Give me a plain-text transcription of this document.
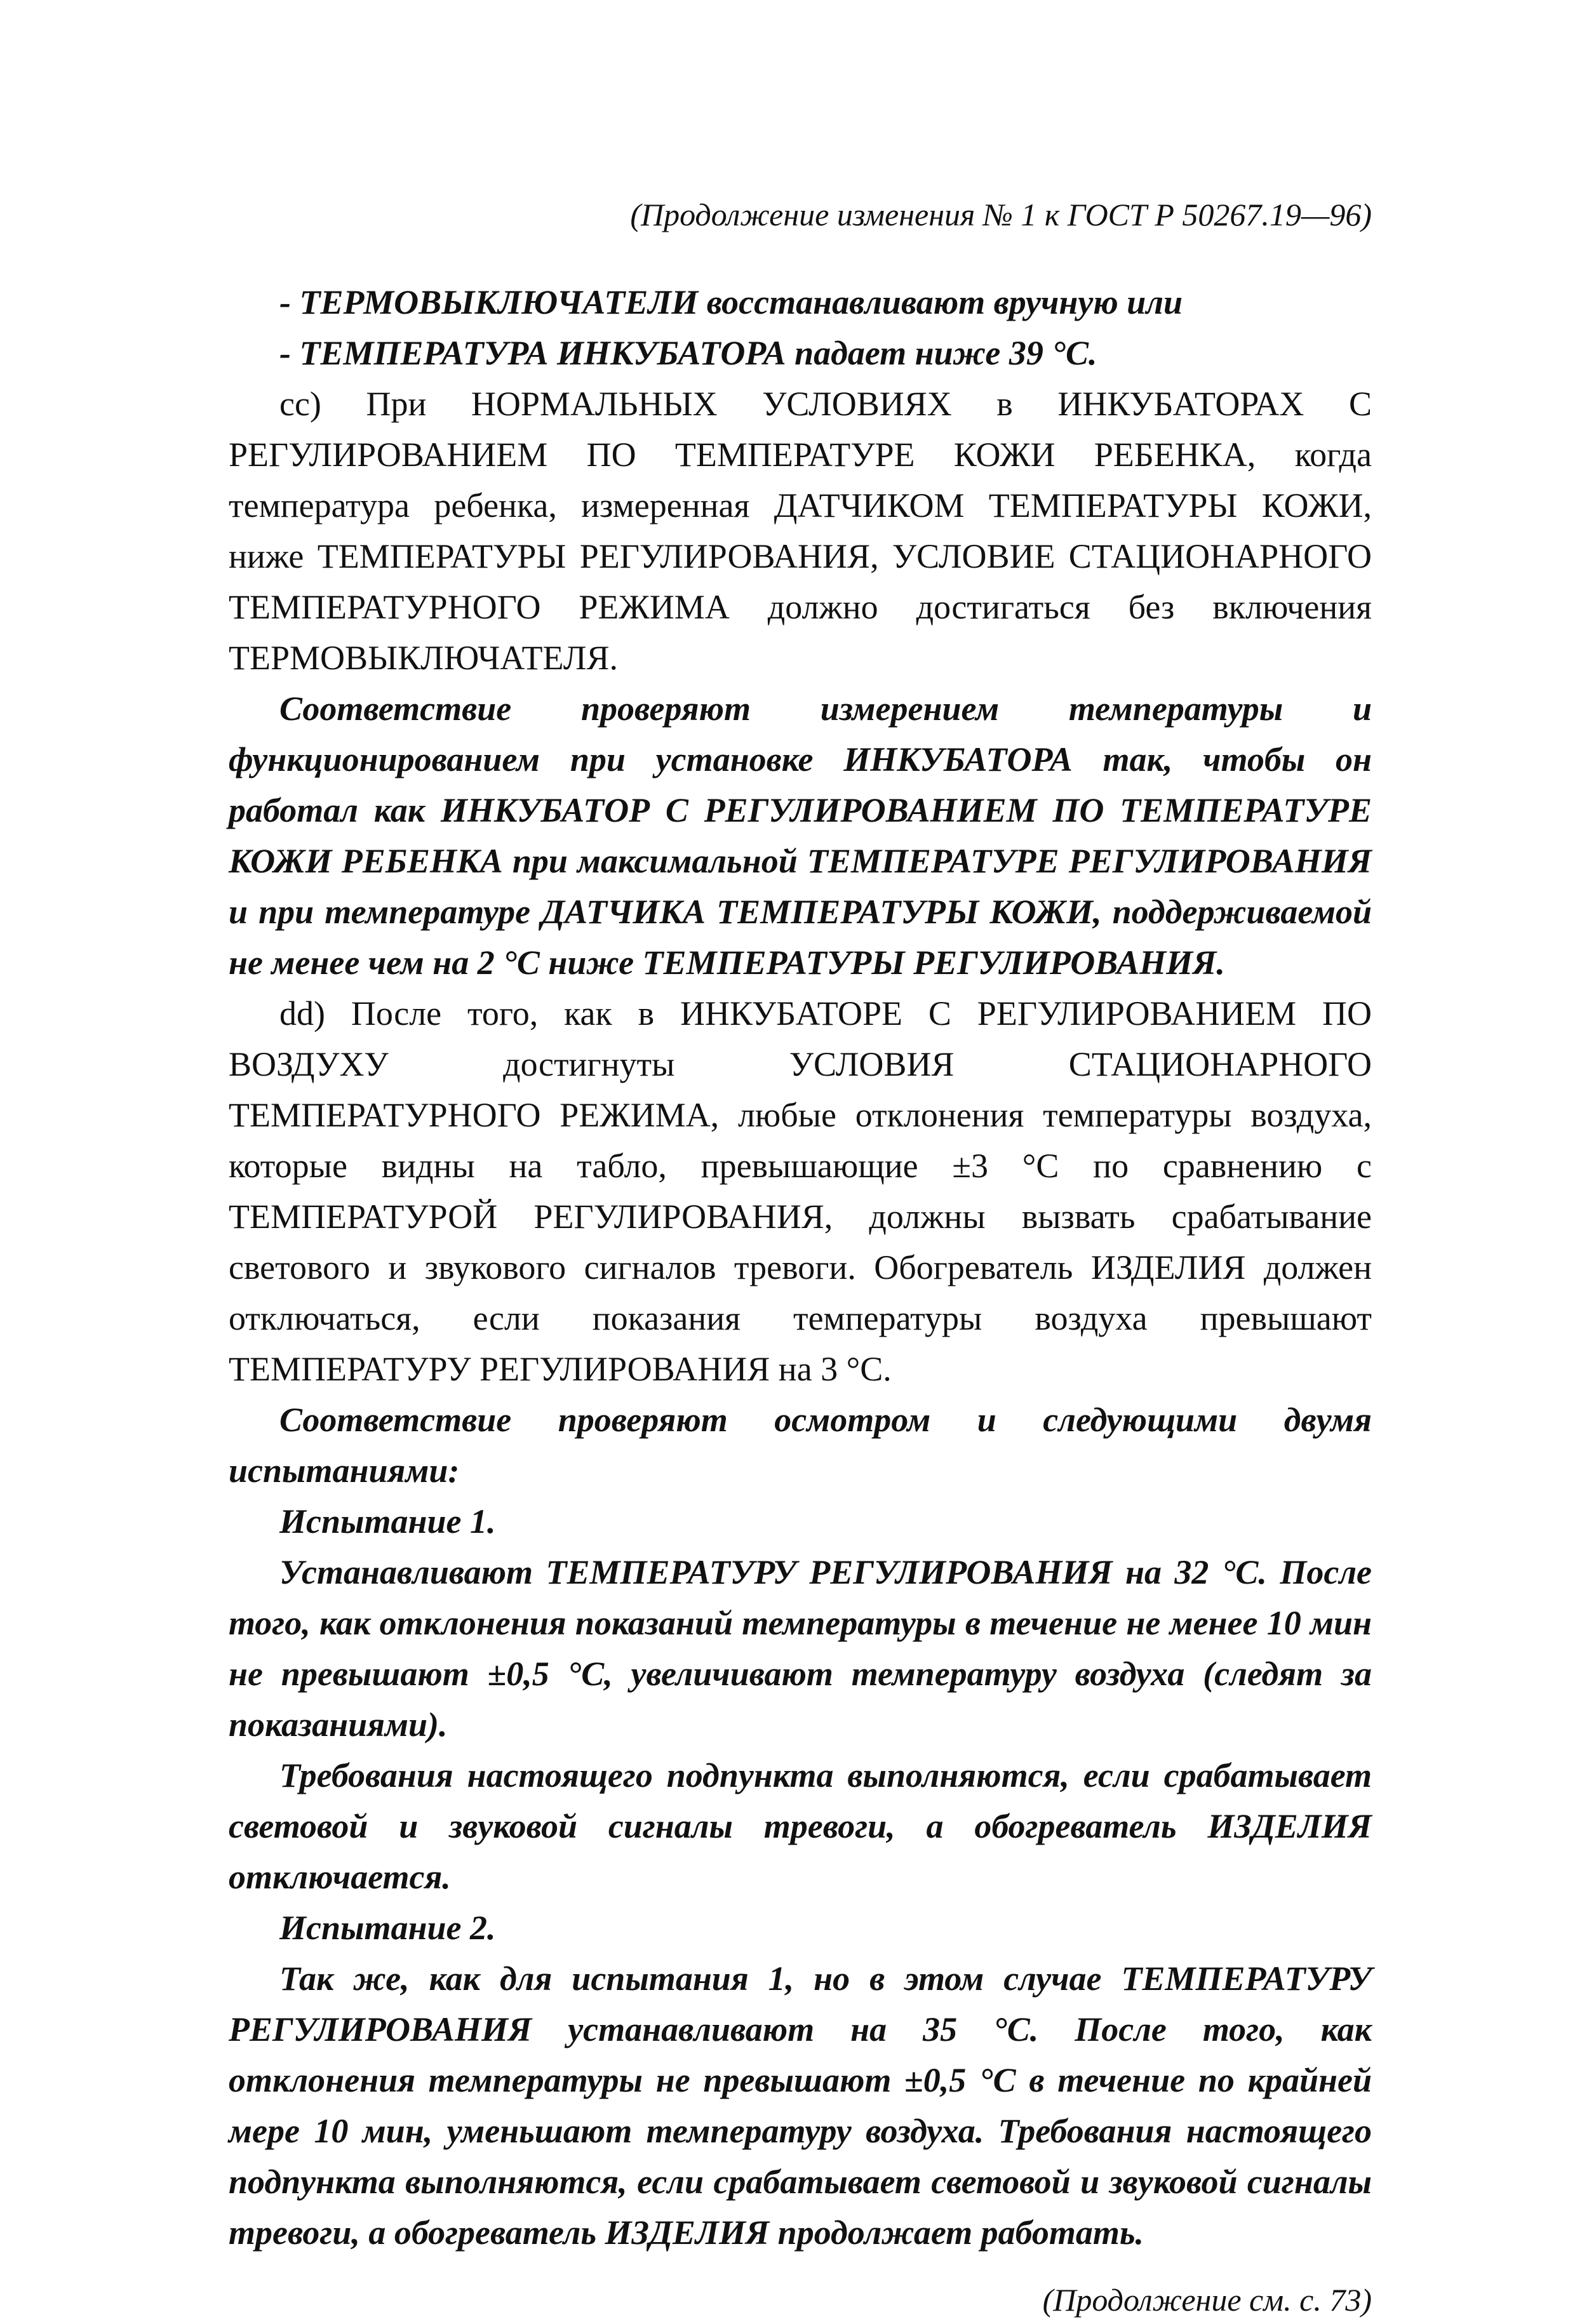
(Продолжение изменения № 1 к ГОСТ Р 50267.19—96)

- ТЕРМОВЫКЛЮЧАТЕЛИ восстанавливают вручную или

- ТЕМПЕРАТУРА ИНКУБАТОРА падает ниже 39 °С.

сс) При НОРМАЛЬНЫХ УСЛОВИЯХ в ИНКУБАТОРАХ С РЕГУЛИРОВАНИЕМ ПО ТЕМПЕРАТУРЕ КОЖИ РЕБЕНКА, когда температура ребенка, измеренная ДАТЧИКОМ ТЕМПЕРАТУРЫ КОЖИ, ниже ТЕМПЕРАТУРЫ РЕГУЛИРОВАНИЯ, УСЛОВИЕ СТАЦИОНАРНОГО ТЕМПЕРАТУРНОГО РЕЖИМА должно достигаться без включения ТЕРМОВЫКЛЮЧАТЕЛЯ.

Соответствие проверяют измерением температуры и функционированием при установке ИНКУБАТОРА так, чтобы он работал как ИНКУБАТОР С РЕГУЛИРОВАНИЕМ ПО ТЕМПЕРАТУРЕ КОЖИ РЕБЕНКА при максимальной ТЕМПЕРАТУРЕ РЕГУЛИРОВАНИЯ и при температуре ДАТЧИКА ТЕМПЕРАТУРЫ КОЖИ, поддерживаемой не менее чем на 2 °С ниже ТЕМПЕРАТУРЫ РЕГУЛИРОВАНИЯ.

dd) После того, как в ИНКУБАТОРЕ С РЕГУЛИРОВАНИЕМ ПО ВОЗДУХУ достигнуты УСЛОВИЯ СТАЦИОНАРНОГО ТЕМПЕРАТУРНОГО РЕЖИМА, любые отклонения температуры воздуха, которые видны на табло, превышающие ±3 °С по сравнению с ТЕМПЕРАТУРОЙ РЕГУЛИРОВАНИЯ, должны вызвать срабатывание светового и звукового сигналов тревоги. Обогреватель ИЗДЕЛИЯ должен отключаться, если показания температуры воздуха превышают ТЕМПЕРАТУРУ РЕГУЛИРОВАНИЯ на 3 °С.

Соответствие проверяют осмотром и следующими двумя испытаниями:

Испытание 1.

Устанавливают ТЕМПЕРАТУРУ РЕГУЛИРОВАНИЯ на 32 °С. После того, как отклонения показаний температуры в течение не менее 10 мин не превышают ±0,5 °С, увеличивают температуру воздуха (следят за показаниями).

Требования настоящего подпункта выполняются, если срабатывает световой и звуковой сигналы тревоги, а обогреватель ИЗДЕЛИЯ отключается.

Испытание 2.

Так же, как для испытания 1, но в этом случае ТЕМПЕРАТУРУ РЕГУЛИРОВАНИЯ устанавливают на 35 °С. После того, как отклонения температуры не превышают ±0,5 °С в течение по крайней мере 10 мин, уменьшают температуру воздуха. Требования настоящего подпункта выполняются, если срабатывает световой и звуковой сигналы тревоги, а обогреватель ИЗДЕЛИЯ продолжает работать.

(Продолжение см. с. 73)
